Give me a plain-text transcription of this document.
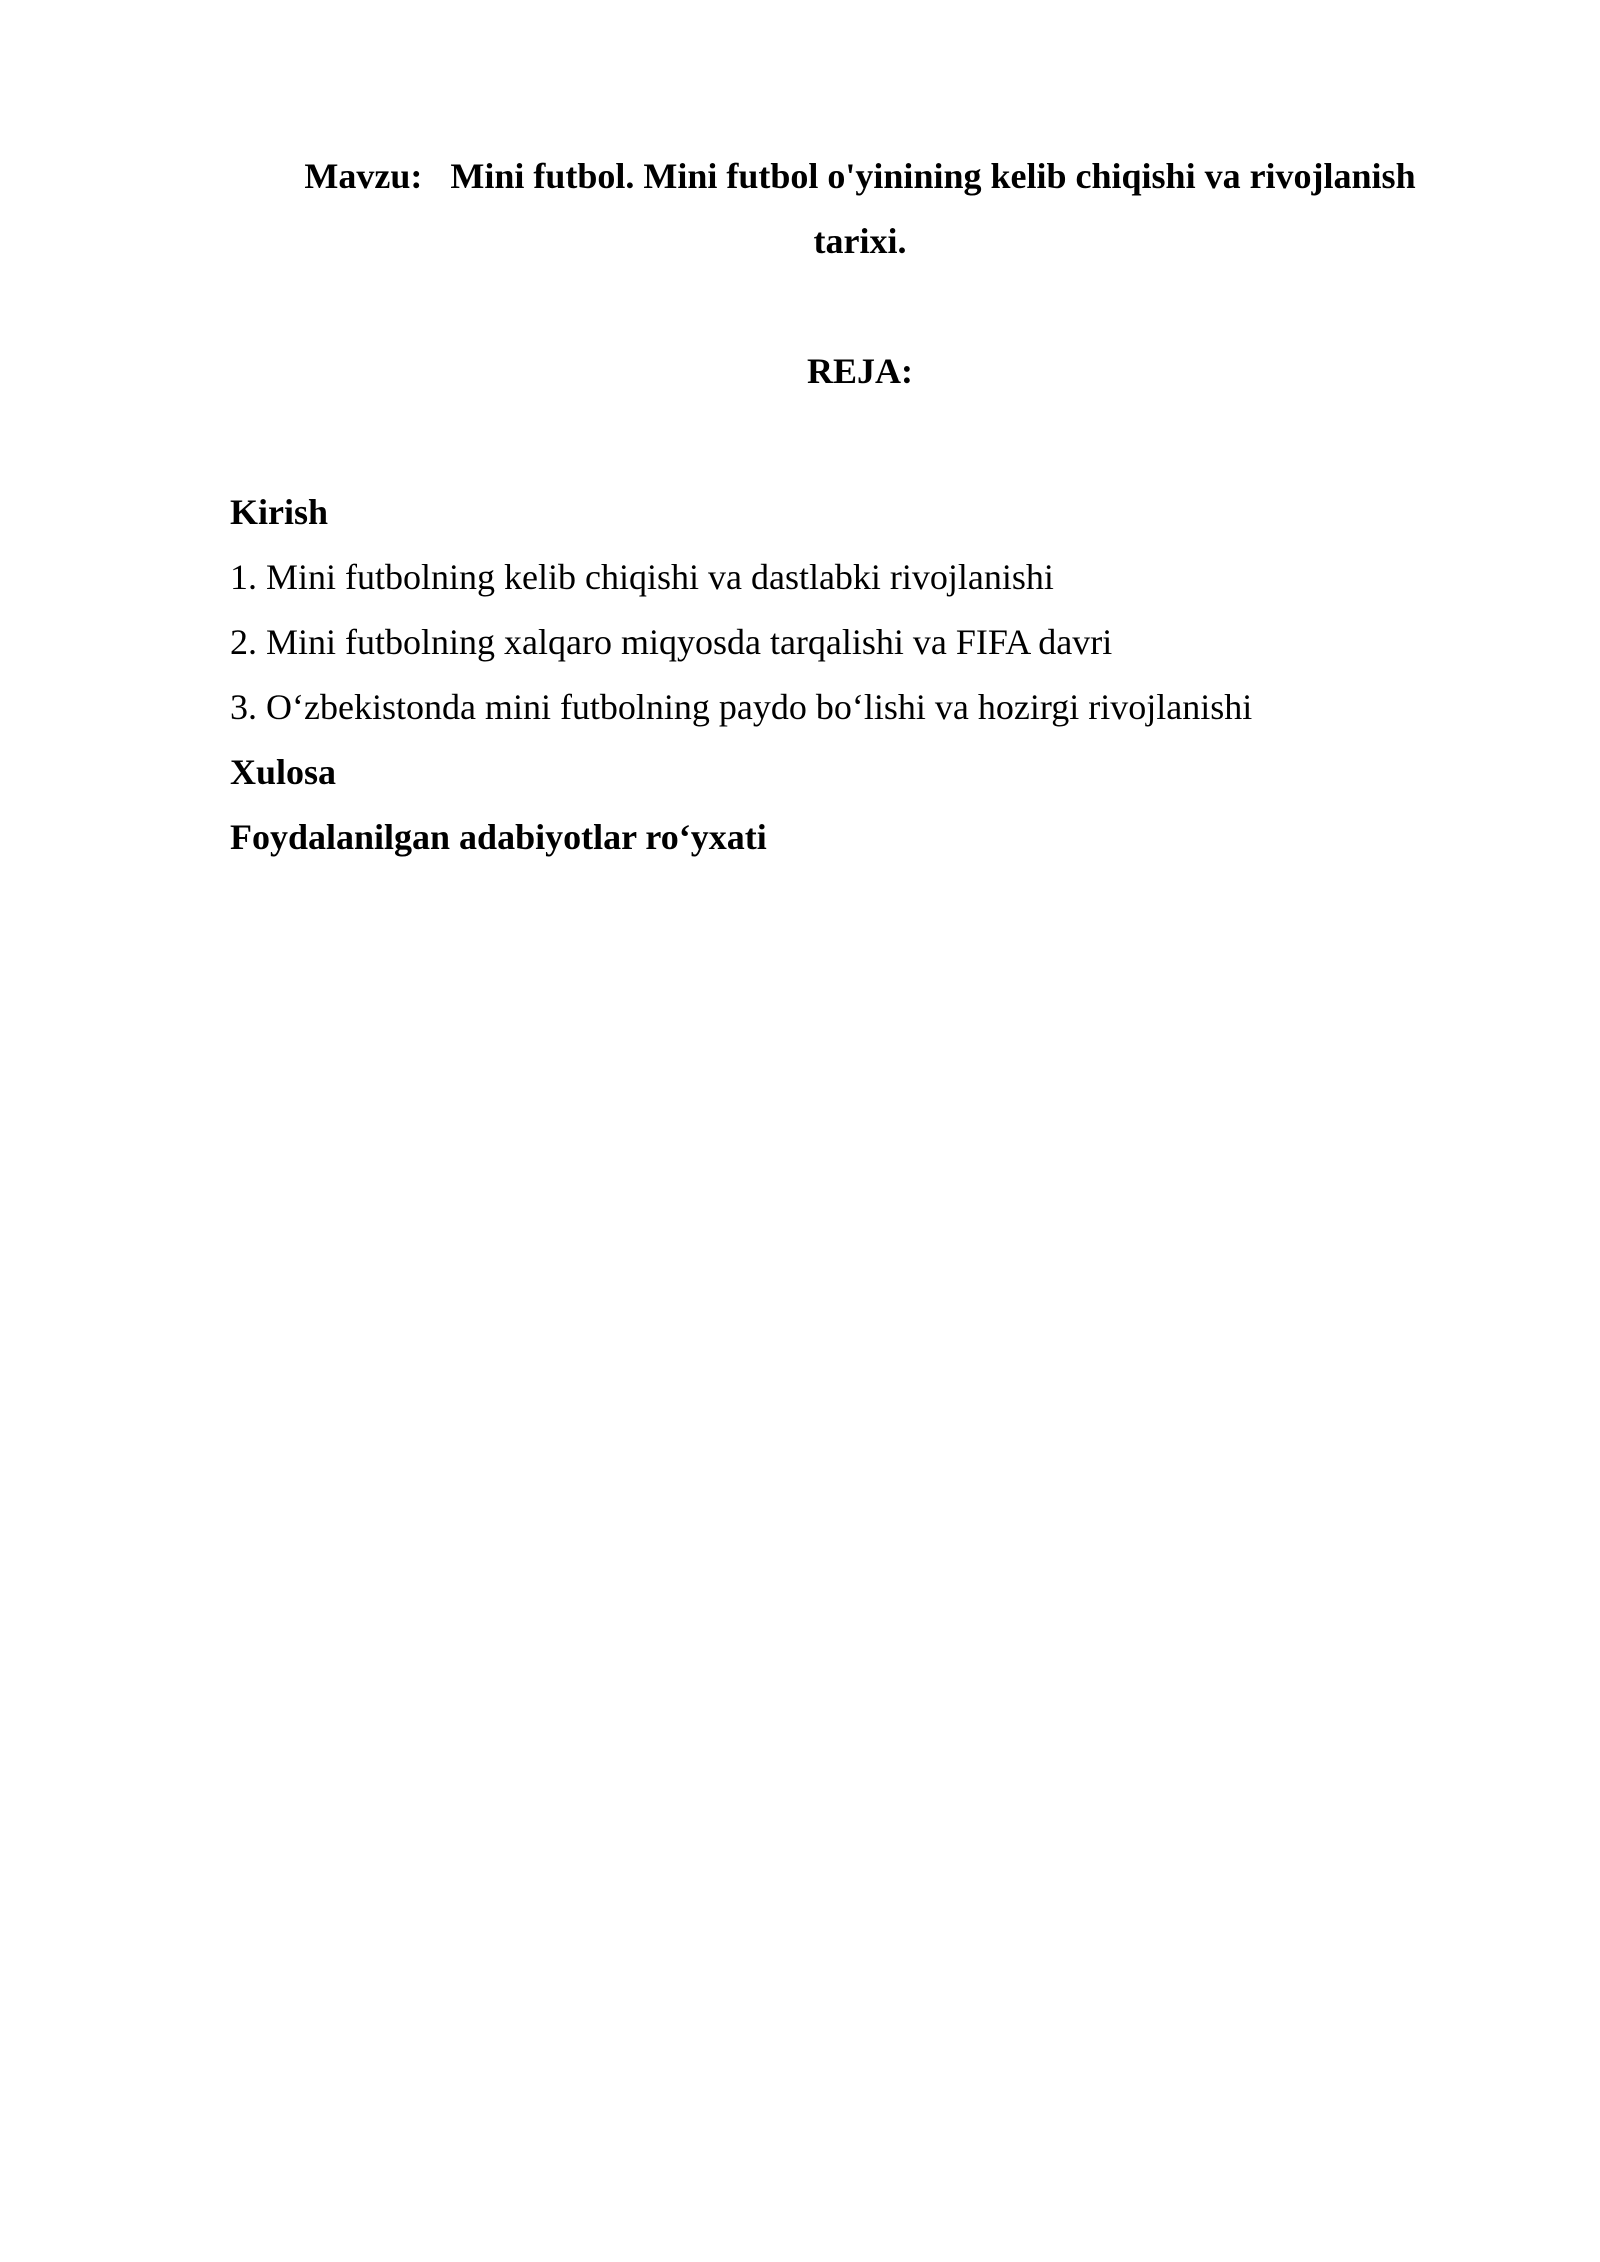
Mavzu: Mini futbol. Mini futbol o'yinining kelib chiqishi va rivojlanish
tarixi.
REJA:
Kirish
1. Mini futbolning kelib chiqishi va dastlabki rivojlanishi
2. Mini futbolning xalqaro miqyosda tarqalishi va FIFA davri
3. O‘zbekistonda mini futbolning paydo bo‘lishi va hozirgi rivojlanishi
Xulosa
Foydalanilgan adabiyotlar ro‘yxati
